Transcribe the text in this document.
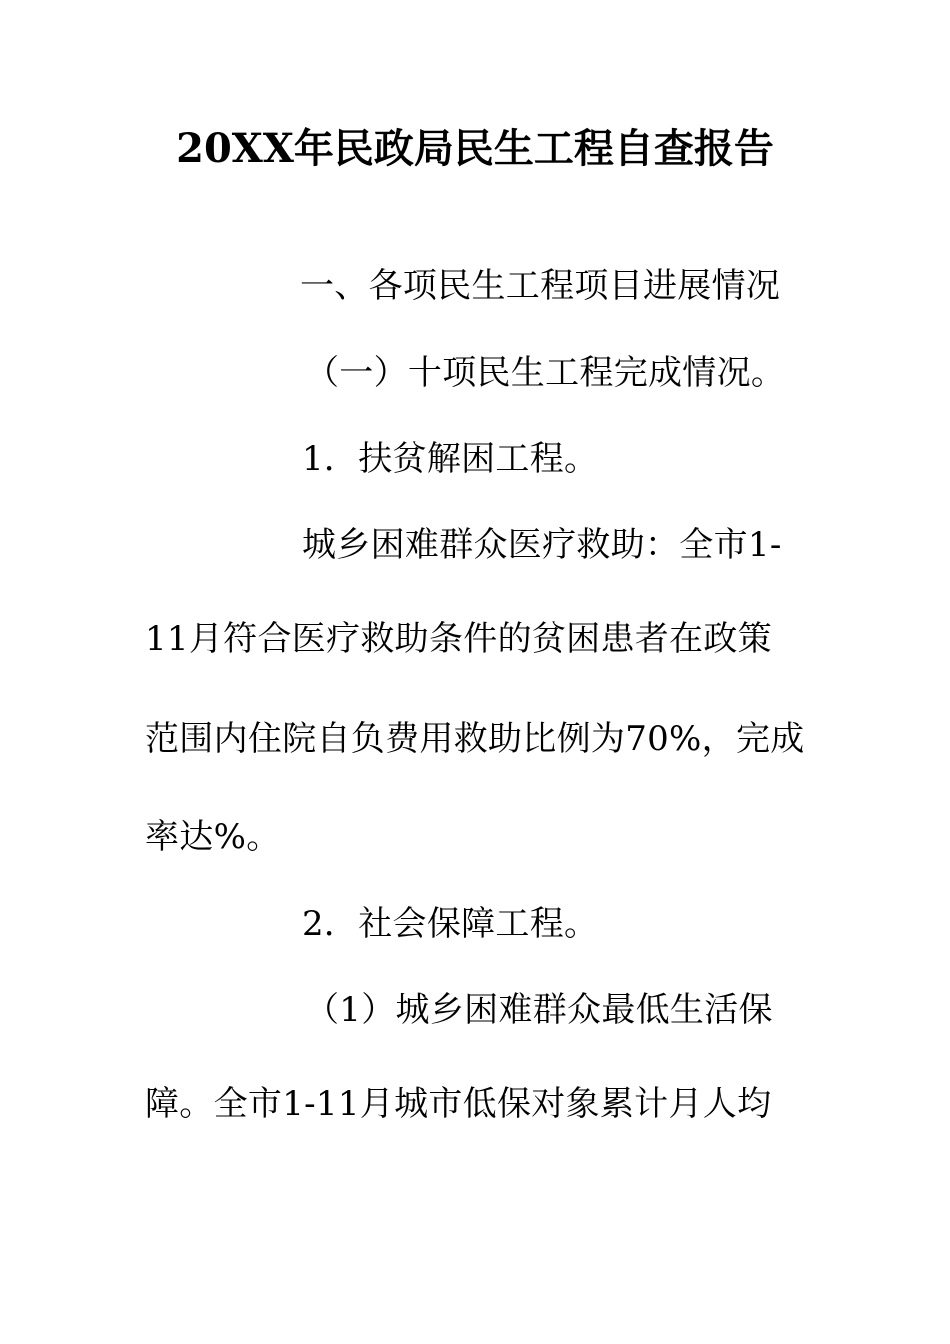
20XX年民政局民生工程自查报告
一、各项民生工程项目进展情况
（一）十项民生工程完成情况。
1．扶贫解困工程。
城乡困难群众医疗救助：全市1-
11月符合医疗救助条件的贫困患者在政策
范围内住院自负费用救助比例为70%，完成
率达%。
2．社会保障工程。
（1）城乡困难群众最低生活保
障。全市1-11月城市低保对象累计月人均
